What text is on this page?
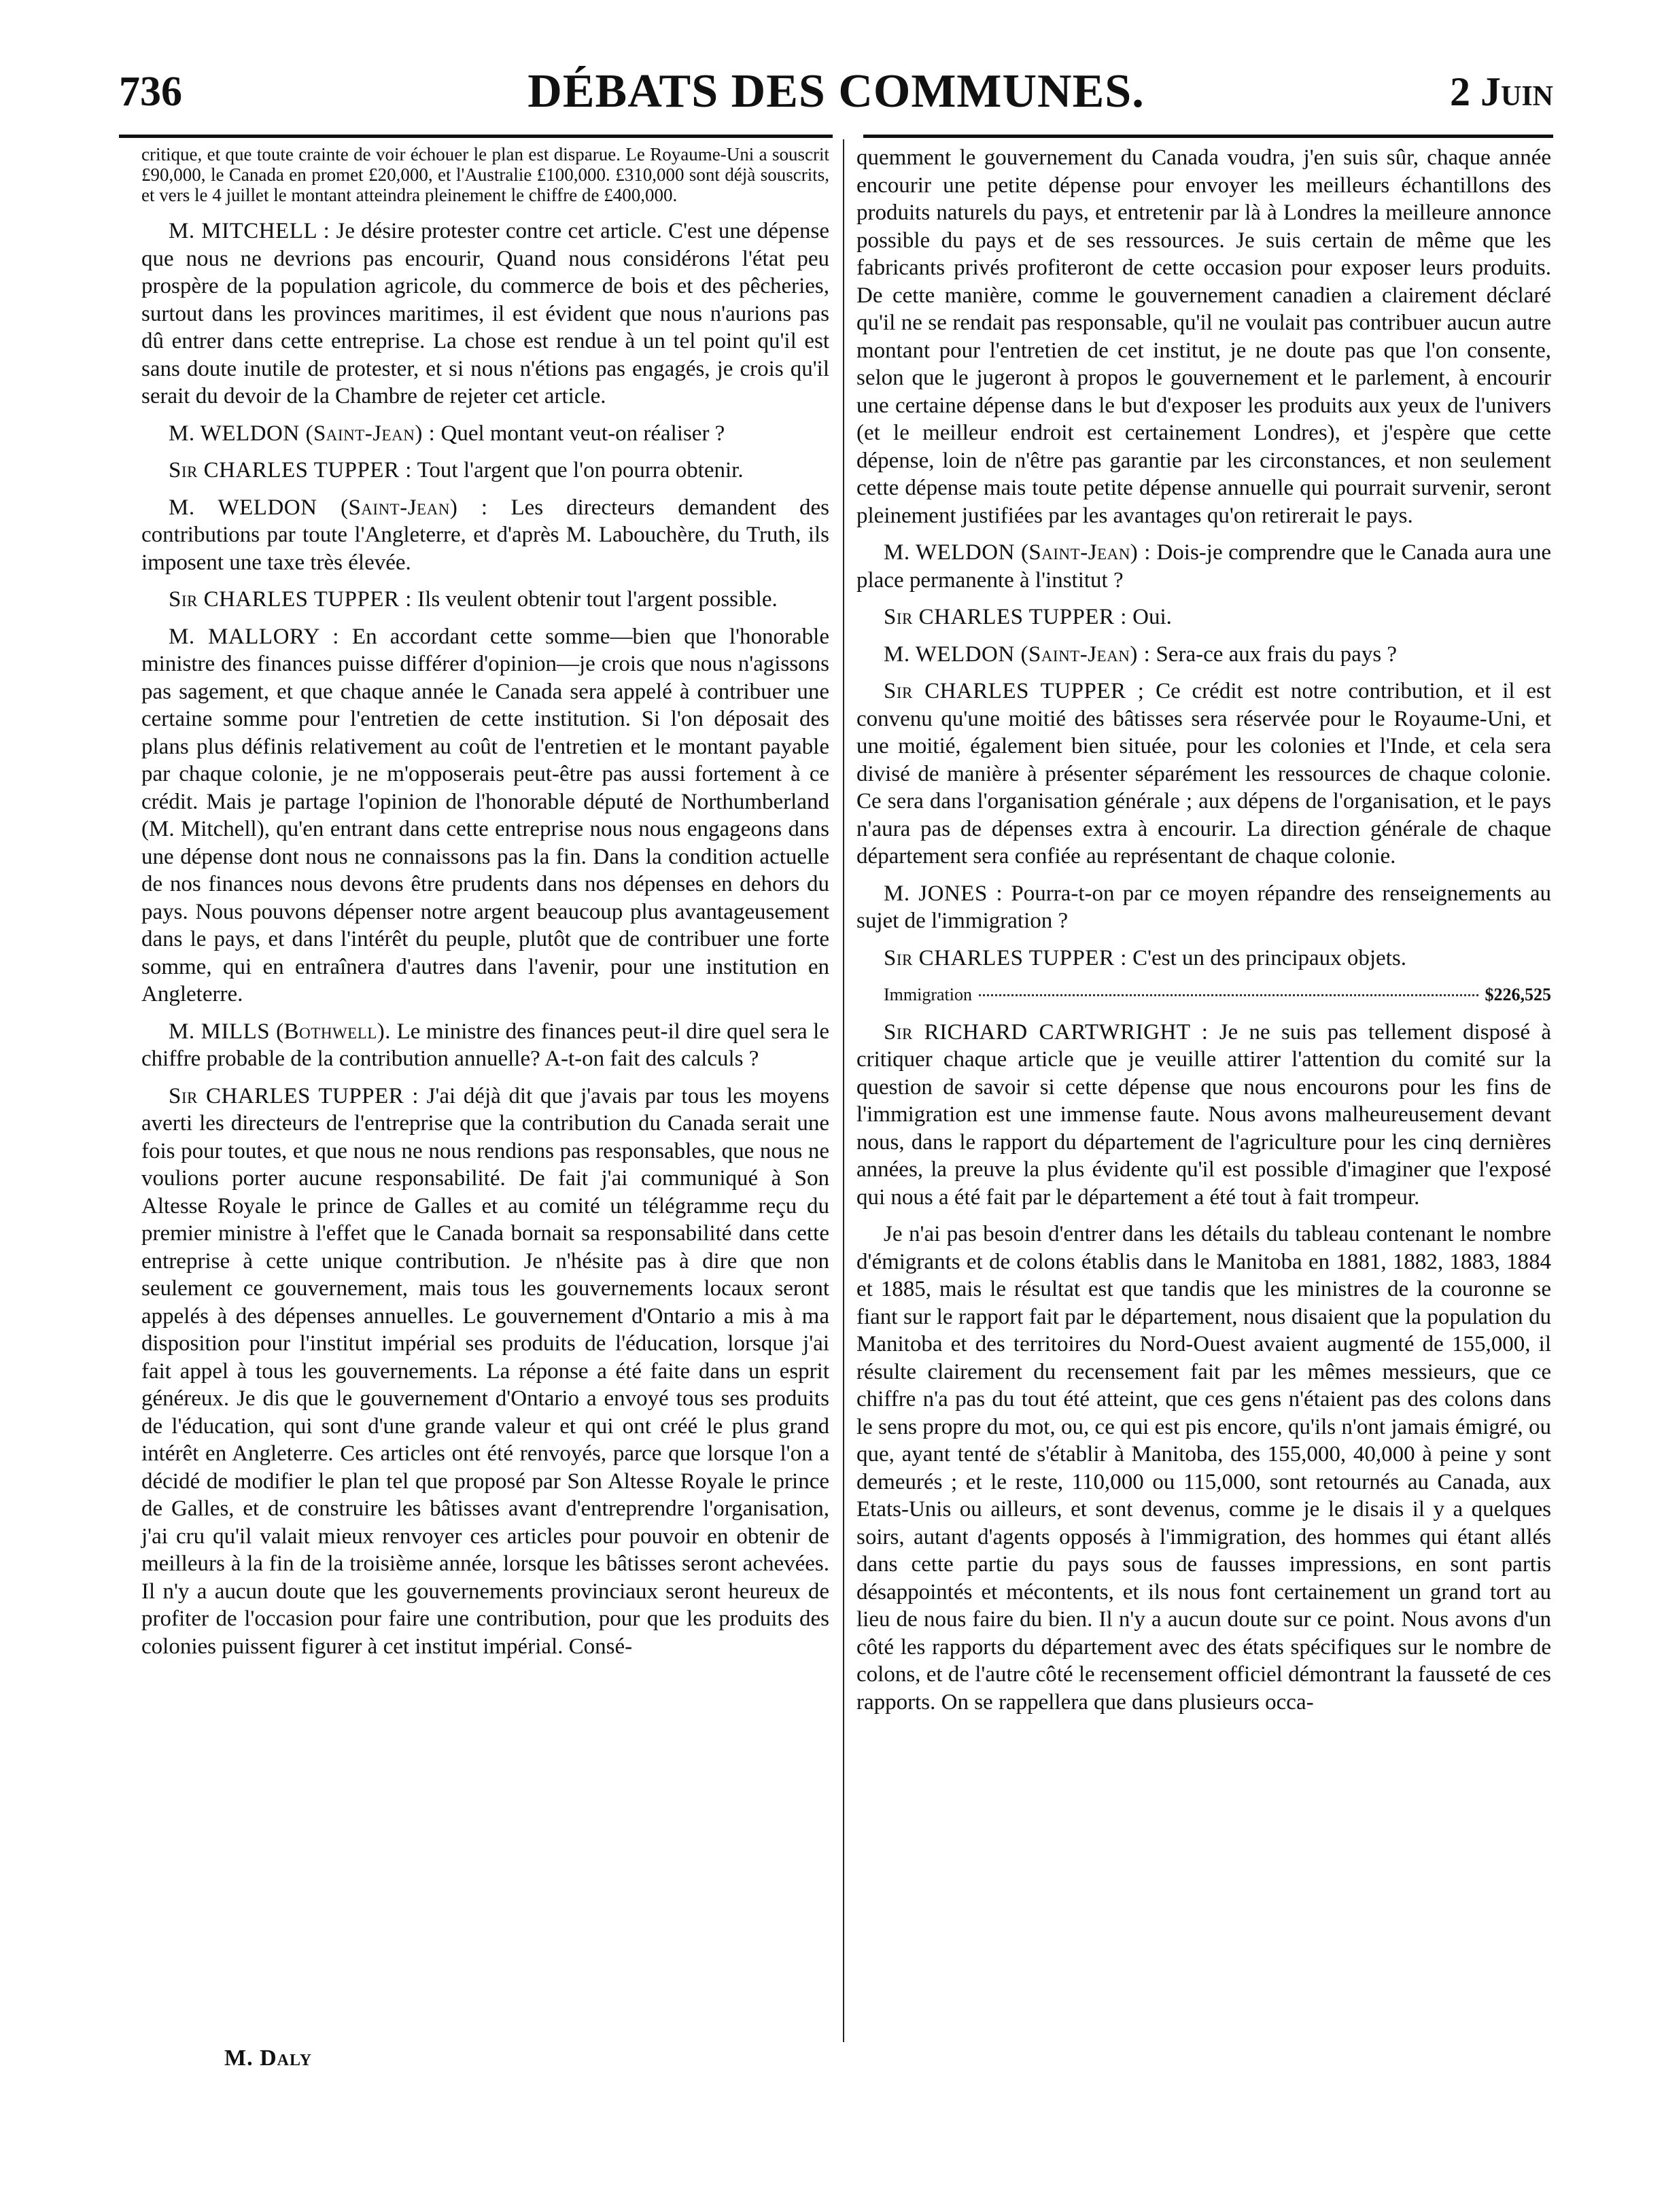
736	DÉBATS DES COMMUNES.	2 Juin

critique, et que toute crainte de voir échouer le plan est disparue. Le Royaume-Uni a souscrit £90,000, le Canada en promet £20,000, et l'Australie £100,000. £310,000 sont déjà souscrits, et vers le 4 juillet le montant atteindra pleinement le chiffre de £400,000.

M. MITCHELL : Je désire protester contre cet article. C'est une dépense que nous ne devrions pas encourir, Quand nous considérons l'état peu prospère de la population agricole, du commerce de bois et des pêcheries, surtout dans les provinces maritimes, il est évident que nous n'aurions pas dû entrer dans cette entreprise. La chose est rendue à un tel point qu'il est sans doute inutile de protester, et si nous n'étions pas engagés, je crois qu'il serait du devoir de la Chambre de rejeter cet article.

M. WELDON (Saint-Jean) : Quel montant veut-on réaliser ?

Sir CHARLES TUPPER : Tout l'argent que l'on pourra obtenir.

M. WELDON (Saint-Jean) : Les directeurs demandent des contributions par toute l'Angleterre, et d'après M. Labouchère, du Truth, ils imposent une taxe très élevée.

Sir CHARLES TUPPER : Ils veulent obtenir tout l'argent possible.

M. MALLORY : En accordant cette somme—bien que l'honorable ministre des finances puisse différer d'opinion—je crois que nous n'agissons pas sagement, et que chaque année le Canada sera appelé à contribuer une certaine somme pour l'entretien de cette institution. Si l'on déposait des plans plus définis relativement au coût de l'entretien et le montant payable par chaque colonie, je ne m'opposerais peut-être pas aussi fortement à ce crédit. Mais je partage l'opinion de l'honorable député de Northumberland (M. Mitchell), qu'en entrant dans cette entreprise nous nous engageons dans une dépense dont nous ne connaissons pas la fin. Dans la condition actuelle de nos finances nous devons être prudents dans nos dépenses en dehors du pays. Nous pouvons dépenser notre argent beaucoup plus avantageusement dans le pays, et dans l'intérêt du peuple, plutôt que de contribuer une forte somme, qui en entraînera d'autres dans l'avenir, pour une institution en Angleterre.

M. MILLS (Bothwell). Le ministre des finances peut-il dire quel sera le chiffre probable de la contribution annuelle? A-t-on fait des calculs ?

Sir CHARLES TUPPER : J'ai déjà dit que j'avais par tous les moyens averti les directeurs de l'entreprise que la contribution du Canada serait une fois pour toutes, et que nous ne nous rendions pas responsables, que nous ne voulions porter aucune responsabilité. De fait j'ai communiqué à Son Altesse Royale le prince de Galles et au comité un télégramme reçu du premier ministre à l'effet que le Canada bornait sa responsabilité dans cette entreprise à cette unique contribution. Je n'hésite pas à dire que non seulement ce gouvernement, mais tous les gouvernements locaux seront appelés à des dépenses annuelles. Le gouvernement d'Ontario a mis à ma disposition pour l'institut impérial ses produits de l'éducation, lorsque j'ai fait appel à tous les gouvernements. La réponse a été faite dans un esprit généreux. Je dis que le gouvernement d'Ontario a envoyé tous ses produits de l'éducation, qui sont d'une grande valeur et qui ont créé le plus grand intérêt en Angleterre. Ces articles ont été renvoyés, parce que lorsque l'on a décidé de modifier le plan tel que proposé par Son Altesse Royale le prince de Galles, et de construire les bâtisses avant d'entreprendre l'organisation, j'ai cru qu'il valait mieux renvoyer ces articles pour pouvoir en obtenir de meilleurs à la fin de la troisième année, lorsque les bâtisses seront achevées. Il n'y a aucun doute que les gouvernements provinciaux seront heureux de profiter de l'occasion pour faire une contribution, pour que les produits des colonies puissent figurer à cet institut impérial. Consé-

quemment le gouvernement du Canada voudra, j'en suis sûr, chaque année encourir une petite dépense pour envoyer les meilleurs échantillons des produits naturels du pays, et entretenir par là à Londres la meilleure annonce possible du pays et de ses ressources. Je suis certain de même que les fabricants privés profiteront de cette occasion pour exposer leurs produits. De cette manière, comme le gouvernement canadien a clairement déclaré qu'il ne se rendait pas responsable, qu'il ne voulait pas contribuer aucun autre montant pour l'entretien de cet institut, je ne doute pas que l'on consente, selon que le jugeront à propos le gouvernement et le parlement, à encourir une certaine dépense dans le but d'exposer les produits aux yeux de l'univers (et le meilleur endroit est certainement Londres), et j'espère que cette dépense, loin de n'être pas garantie par les circonstances, et non seulement cette dépense mais toute petite dépense annuelle qui pourrait survenir, seront pleinement justifiées par les avantages qu'on retirerait le pays.

M. WELDON (Saint-Jean) : Dois-je comprendre que le Canada aura une place permanente à l'institut ?

Sir CHARLES TUPPER : Oui.

M. WELDON (Saint-Jean) : Sera-ce aux frais du pays ?

Sir CHARLES TUPPER ; Ce crédit est notre contribution, et il est convenu qu'une moitié des bâtisses sera réservée pour le Royaume-Uni, et une moitié, également bien située, pour les colonies et l'Inde, et cela sera divisé de manière à présenter séparément les ressources de chaque colonie. Ce sera dans l'organisation générale ; aux dépens de l'organisation, et le pays n'aura pas de dépenses extra à encourir. La direction générale de chaque département sera confiée au représentant de chaque colonie.

M. JONES : Pourra-t-on par ce moyen répandre des renseignements au sujet de l'immigration ?

Sir CHARLES TUPPER : C'est un des principaux objets.

Immigration	$226,525

Sir RICHARD CARTWRIGHT : Je ne suis pas tellement disposé à critiquer chaque article que je veuille attirer l'attention du comité sur la question de savoir si cette dépense que nous encourons pour les fins de l'immigration est une immense faute. Nous avons malheureusement devant nous, dans le rapport du département de l'agriculture pour les cinq dernières années, la preuve la plus évidente qu'il est possible d'imaginer que l'exposé qui nous a été fait par le département a été tout à fait trompeur.

Je n'ai pas besoin d'entrer dans les détails du tableau contenant le nombre d'émigrants et de colons établis dans le Manitoba en 1881, 1882, 1883, 1884 et 1885, mais le résultat est que tandis que les ministres de la couronne se fiant sur le rapport fait par le département, nous disaient que la population du Manitoba et des territoires du Nord-Ouest avaient augmenté de 155,000, il résulte clairement du recensement fait par les mêmes messieurs, que ce chiffre n'a pas du tout été atteint, que ces gens n'étaient pas des colons dans le sens propre du mot, ou, ce qui est pis encore, qu'ils n'ont jamais émigré, ou que, ayant tenté de s'établir à Manitoba, des 155,000, 40,000 à peine y sont demeurés ; et le reste, 110,000 ou 115,000, sont retournés au Canada, aux Etats-Unis ou ailleurs, et sont devenus, comme je le disais il y a quelques soirs, autant d'agents opposés à l'immigration, des hommes qui étant allés dans cette partie du pays sous de fausses impressions, en sont partis désappointés et mécontents, et ils nous font certainement un grand tort au lieu de nous faire du bien. Il n'y a aucun doute sur ce point. Nous avons d'un côté les rapports du département avec des états spécifiques sur le nombre de colons, et de l'autre côté le recensement officiel démontrant la fausseté de ces rapports. On se rappellera que dans plusieurs occa-

M. Daly
